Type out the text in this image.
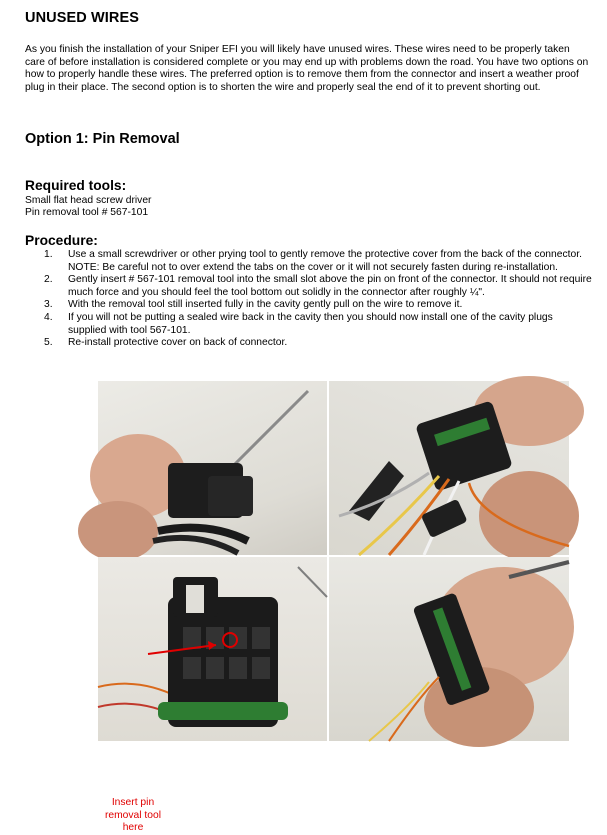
UNUSED WIRES
As you finish the installation of your Sniper EFI you will likely have unused wires. These wires need to be properly taken care of before installation is considered complete or you may end up with problems down the road. You have two options on how to properly handle these wires. The preferred option is to remove them from the connector and insert a weather proof plug in their place. The second option is to shorten the wire and properly seal the end of it to prevent shorting out.
Option 1: Pin Removal
Required tools:
Small flat head screw driver
Pin removal tool # 567-101
Procedure:
1. Use a small screwdriver or other prying tool to gently remove the protective cover from the back of the connector. NOTE: Be careful not to over extend the tabs on the cover or it will not securely fasten during re-installation.
2. Gently insert # 567-101 removal tool into the small slot above the pin on front of the connector. It should not require much force and you should feel the tool bottom out solidly in the connector after roughly ¼".
3. With the removal tool still inserted fully in the cavity gently pull on the wire to remove it.
4. If you will not be putting a sealed wire back in the cavity then you should now install one of the cavity plugs supplied with tool 567-101.
5. Re-install protective cover on back of connector.
Insert pin
removal tool
here
